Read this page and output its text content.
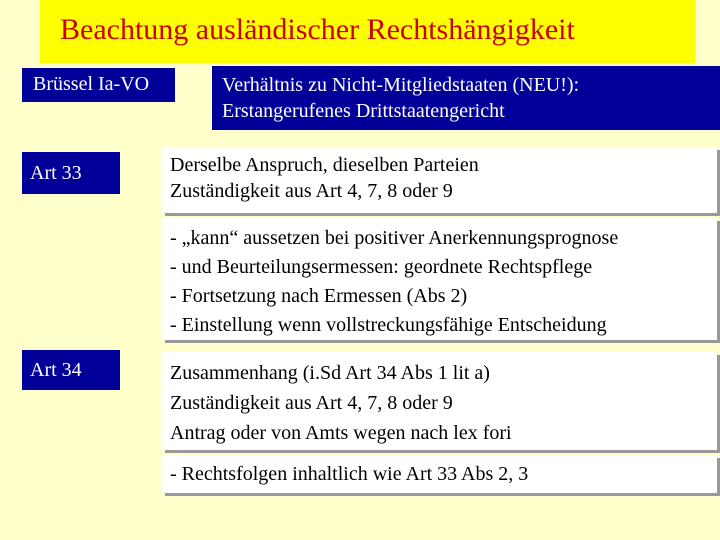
Beachtung ausländischer Rechtshängigkeit
Brüssel Ia-VO	Verhältnis zu Nicht-Mitgliedstaaten (NEU!):
Erstangerufenes Drittstaatengericht
Art 33	Derselbe Anspruch, dieselben Parteien
Zuständigkeit aus Art 4, 7, 8 oder 9
- „kann“ aussetzen bei positiver Anerkennungsprognose
- und Beurteilungsermessen: geordnete Rechtspflege
- Fortsetzung nach Ermessen (Abs 2)
- Einstellung wenn vollstreckungsfähige Entscheidung
Art 34	Zusammenhang (i.Sd Art 34 Abs 1 lit a)
Zuständigkeit aus Art 4, 7, 8 oder 9
Antrag oder von Amts wegen nach lex fori
- Rechtsfolgen inhaltlich wie Art 33 Abs 2, 3
